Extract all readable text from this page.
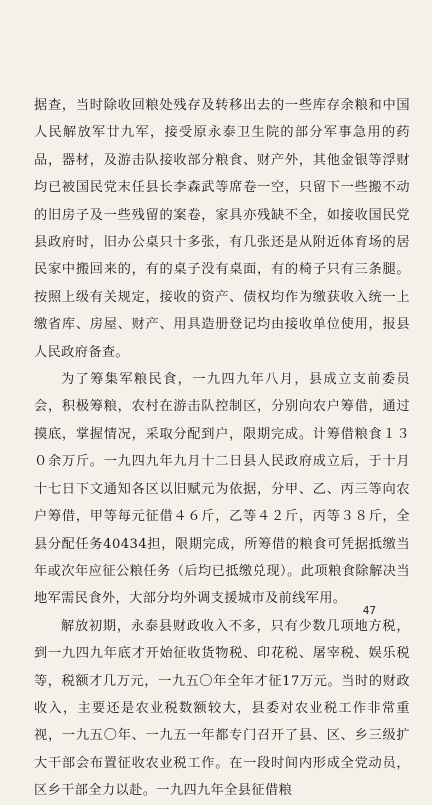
据查，当时除收回粮处残存及转移出去的一些库存余粮和中国人民解放军廿九军，接受原永泰卫生院的部分军事急用的药品，器材，及游击队接收部分粮食、财产外，其他金银等浮财均已被国民党末任县长李森武等席卷一空，只留下一些搬不动的旧房子及一些残留的案卷，家具亦残缺不全，如接收国民党县政府时，旧办公桌只十多张，有几张还是从附近体育场的居民家中搬回来的，有的桌子没有桌面，有的椅子只有三条腿。按照上级有关规定，接收的资产、债权均作为缴获收入统一上缴省库、房屋、财产、用具造册登记均由接收单位使用，报县人民政府备查。

为了筹集军粮民食，一九四九年八月，县成立支前委员会，积极筹粮，农村在游击队控制区，分别向农户筹借，通过摸底，掌握情况，采取分配到户，限期完成。计筹借粮食１３０余万斤。一九四九年九月十二日县人民政府成立后，于十月十七日下文通知各区以旧赋元为依据，分甲、乙、丙三等向农户筹借，甲等每元征借４６斤，乙等４２斤，丙等３８斤，全县分配任务40434担，限期完成，所筹借的粮食可凭据抵缴当年或次年应征公粮任务（后均已抵缴兑现）。此项粮食除解决当地军需民食外，大部分均外调支援城市及前线军用。

解放初期，永泰县财政收入不多，只有少数几项地方税，到一九四九年底才开始征收货物税、印花税、屠宰税、娱乐税等，税额才几万元，一九五〇年全年才征17万元。当时的财政收入，主要还是农业税数额较大，县委对农业税工作非常重视，一九五〇年、一九五一年都专门召开了县、区、乡三级扩大干部会布置征收农业税工作。在一段时间内形成全党动员，区乡干部全力以赴。一九四九年全县征借粮

47
